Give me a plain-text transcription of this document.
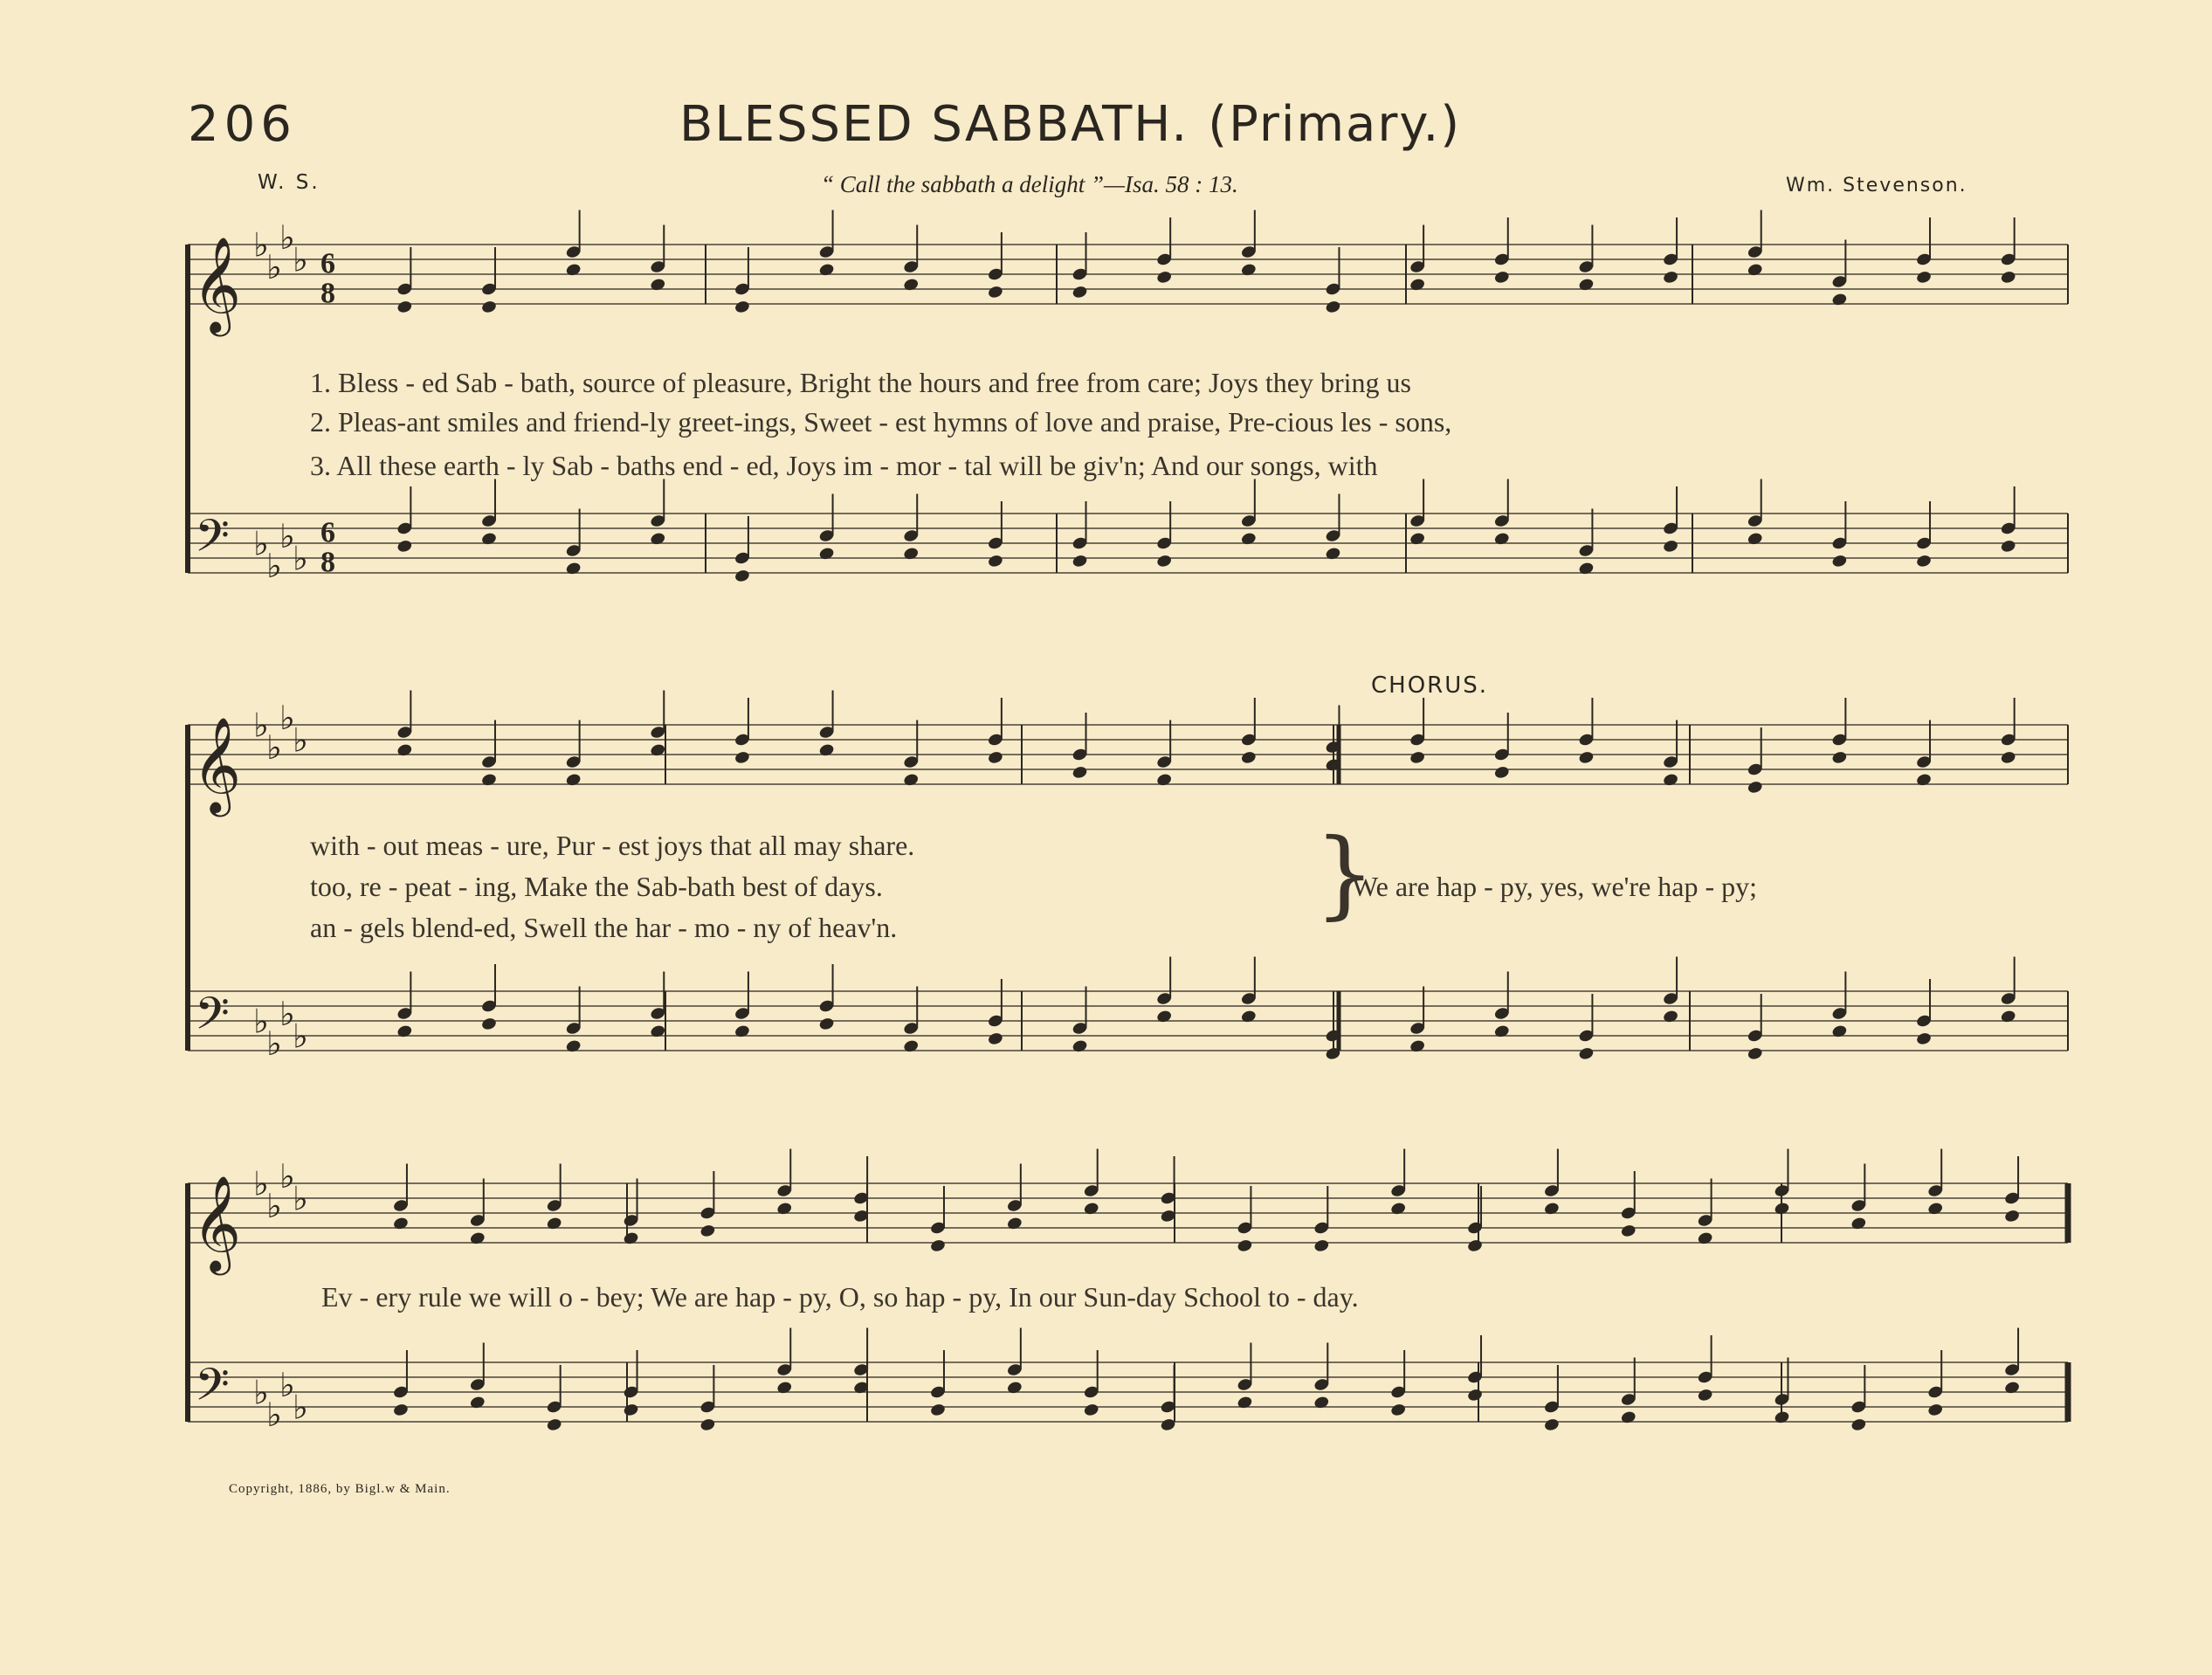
206	BLESSED SABBATH. (Primary.)
W. S.	“ Call the sabbath a delight ”—Isa. 58 : 13.	Wm. Stevenson.
CHORUS.
1. Bless - ed Sab - bath, source of pleasure, Bright the hours and free from care; Joys they bring us
2. Pleas-ant smiles and friend-ly greet-ings, Sweet - est hymns of love and praise, Pre-cious les - sons,
3. All these earth - ly Sab - baths end - ed, Joys im - mor - tal will be giv'n; And our songs, with
with - out meas - ure, Pur - est joys that all may share.
too, re - peat - ing, Make the Sab-bath best of days.
an - gels blend-ed, Swell the har - mo - ny of heav'n.	}
We are hap - py, yes, we're hap - py;
Ev - ery rule we will o - bey; We are hap - py, O, so hap - py, In our Sun-day School to - day.
Copyright, 1886, by Bigl.w & Main.
𝄞
𝄢
♭
♭
♭
♭
♭
♭
♭
♭
6
6
8
8
𝄞
𝄢
♭
♭
♭
♭
♭
♭
♭
♭
𝄞
𝄢
♭
♭
♭
♭
♭
♭
♭
♭
